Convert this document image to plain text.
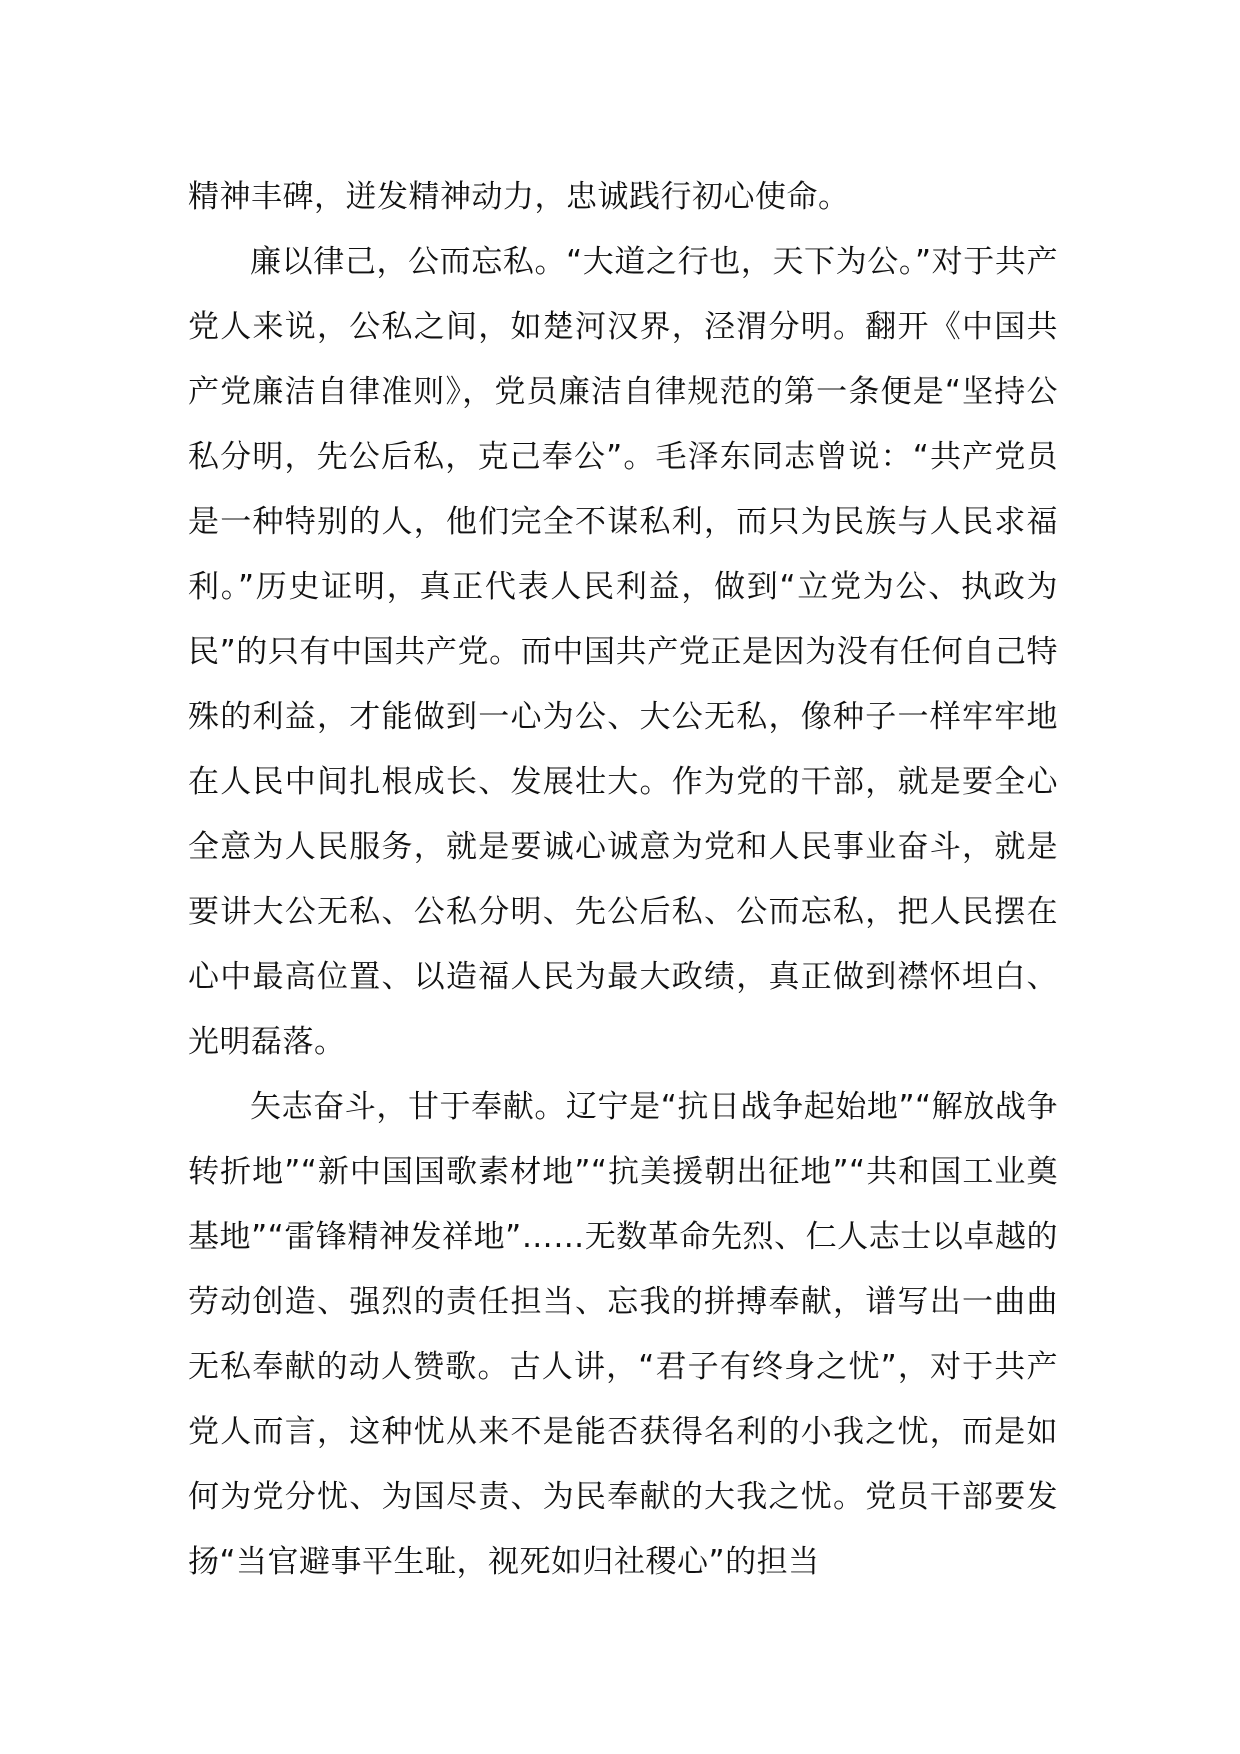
精神丰碑，迸发精神动力，忠诚践行初心使命。

廉以律己，公而忘私。“大道之行也，天下为公。”对于共产党人来说，公私之间，如楚河汉界，泾渭分明。翻开《中国共产党廉洁自律准则》，党员廉洁自律规范的第一条便是“坚持公私分明，先公后私，克己奉公”。毛泽东同志曾说：“共产党员是一种特别的人，他们完全不谋私利，而只为民族与人民求福利。”历史证明，真正代表人民利益，做到“立党为公、执政为民”的只有中国共产党。而中国共产党正是因为没有任何自己特殊的利益，才能做到一心为公、大公无私，像种子一样牢牢地在人民中间扎根成长、发展壮大。作为党的干部，就是要全心全意为人民服务，就是要诚心诚意为党和人民事业奋斗，就是要讲大公无私、公私分明、先公后私、公而忘私，把人民摆在心中最高位置、以造福人民为最大政绩，真正做到襟怀坦白、光明磊落。

矢志奋斗，甘于奉献。辽宁是“抗日战争起始地”“解放战争转折地”“新中国国歌素材地”“抗美援朝出征地”“共和国工业奠基地”“雷锋精神发祥地”……无数革命先烈、仁人志士以卓越的劳动创造、强烈的责任担当、忘我的拼搏奉献，谱写出一曲曲无私奉献的动人赞歌。古人讲，“君子有终身之忧”，对于共产党人而言，这种忧从来不是能否获得名利的小我之忧，而是如何为党分忧、为国尽责、为民奉献的大我之忧。党员干部要发扬“当官避事平生耻，视死如归社稷心”的担当
